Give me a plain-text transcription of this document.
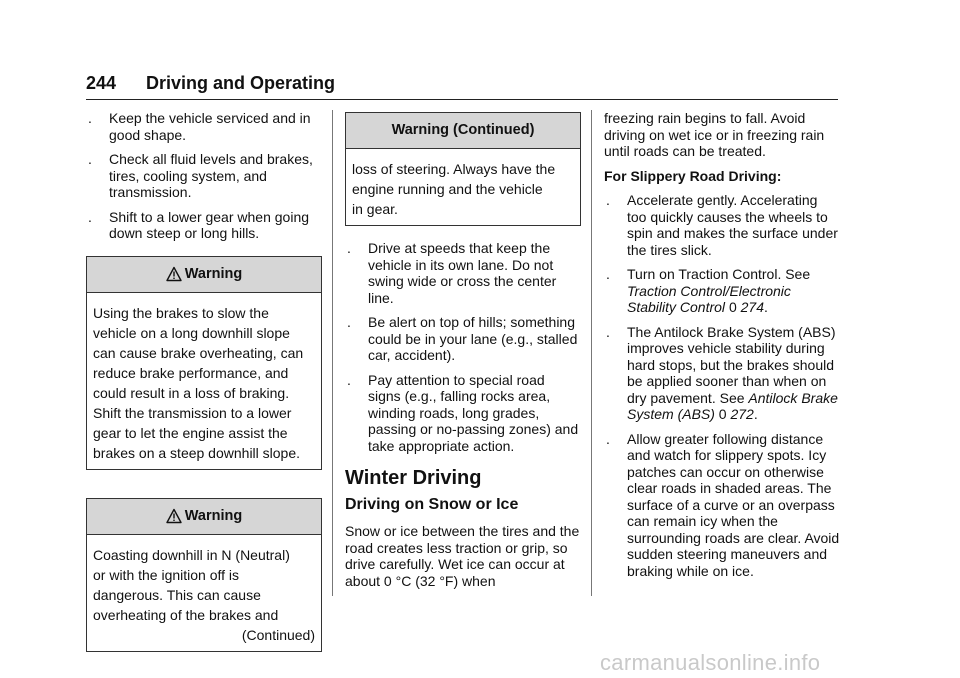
244 Driving and Operating
. Keep the vehicle serviced and in good shape.
. Check all fluid levels and brakes, tires, cooling system, and transmission.
. Shift to a lower gear when going down steep or long hills.
Warning

Using the brakes to slow the

vehicle on a long downhill slope

can cause brake overheating, can

reduce brake performance, and

could result in a loss of braking.

Shift the transmission to a lower

gear to let the engine assist the

brakes on a steep downhill slope.

Warning

Coasting downhill in N (Neutral)

or with the ignition off is

dangerous. This can cause

overheating of the brakes and

(Continued)

Warning (Continued)

loss of steering. Always have the

engine running and the vehicle

in gear.

. Drive at speeds that keep the vehicle in its own lane. Do not swing wide or cross the center line.
. Be alert on top of hills; something could be in your lane (e.g., stalled car, accident).
. Pay attention to special road signs (e.g., falling rocks area, winding roads, long grades, passing or no-passing zones) and take appropriate action.
Winter Driving
Driving on Snow or Ice
Snow or ice between the tires and the road creates less traction or grip, so drive carefully. Wet ice can occur at about 0 °C (32 °F) when
freezing rain begins to fall. Avoid driving on wet ice or in freezing rain until roads can be treated.
For Slippery Road Driving:
. Accelerate gently. Accelerating too quickly causes the wheels to spin and makes the surface under the tires slick.
. Turn on Traction Control. See Traction Control/Electronic Stability Control 0 274.
. The Antilock Brake System (ABS) improves vehicle stability during hard stops, but the brakes should be applied sooner than when on dry pavement. See Antilock Brake System (ABS) 0 272.
. Allow greater following distance and watch for slippery spots. Icy patches can occur on otherwise clear roads in shaded areas. The surface of a curve or an overpass can remain icy when the surrounding roads are clear. Avoid sudden steering maneuvers and braking while on ice.
carmanualsonline.info
